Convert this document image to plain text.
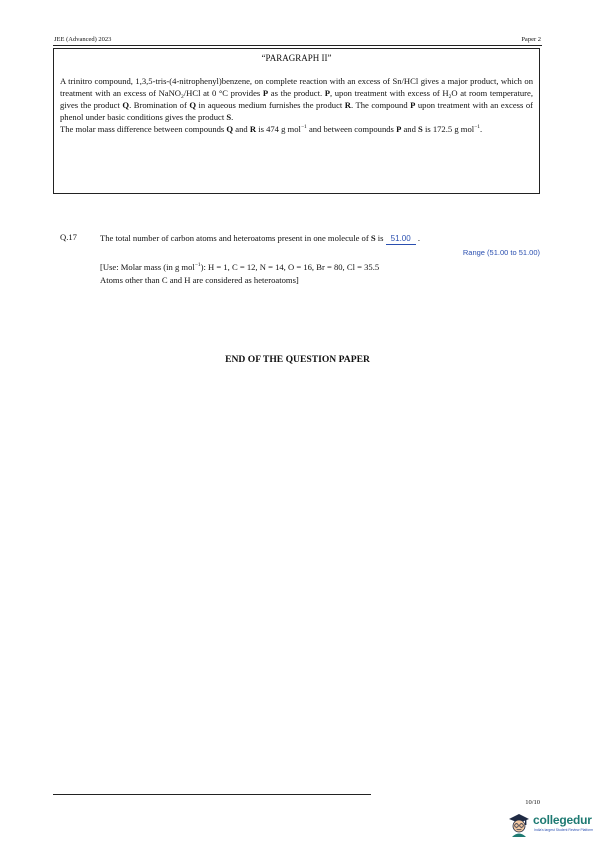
JEE (Advanced) 2023	Paper 2
“PARAGRAPH II”
A trinitro compound, 1,3,5-tris-(4-nitrophenyl)benzene, on complete reaction with an excess of Sn/HCl gives a major product, which on treatment with an excess of NaNO$_2$/HCl at 0 °C provides P as the product. P, upon treatment with excess of $H_2O$ at room temperature, gives the product Q. Bromination of Q in aqueous medium furnishes the product R. The compound P upon treatment with an excess of phenol under basic conditions gives the product S.
The molar mass difference between compounds Q and R is 474 g mol$^{-1}$ and between compounds P and S is 172.5 g mol$^{-1}$.
Q.17	The total number of carbon atoms and heteroatoms present in one molecule of S is 51.00 .
Range (51.00 to 51.00)
[Use: Molar mass (in g mol$^{-1}$): H = 1, C = 12, N = 14, O = 16, Br = 80, Cl = 35.5
Atoms other than C and H are considered as heteroatoms]
END OF THE QUESTION PAPER
10/10
collegedur
India's largest Student Review Platform
